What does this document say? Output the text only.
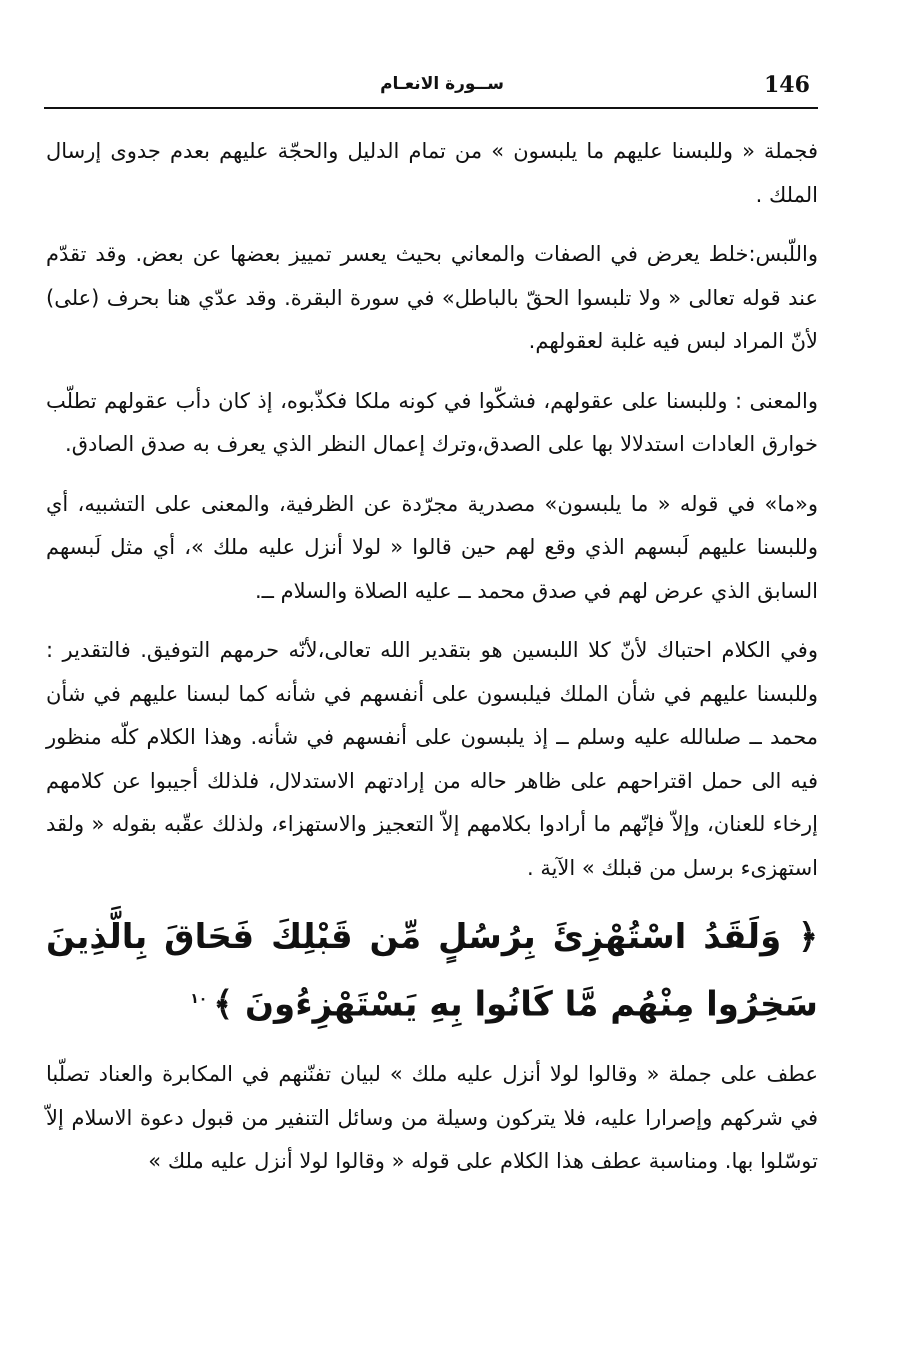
146
ســورة الانعـام

فجملة « وللبسنا عليهم ما يلبسون » من تمام الدليل والحجّة عليهم بعدم جدوى إرسال الملك .

واللّبس:خلط يعرض في الصفات والمعاني بحيث يعسر تمييز بعضها عن بعض. وقد تقدّم عند قوله تعالى « ولا تلبسوا الحقّ بالباطل» في سورة البقرة. وقد عدّي هنا بحرف (على) لأنّ المراد لبس فيه غلبة لعقولهم.

والمعنى : وللبسنا على عقولهم، فشكّوا في كونه ملكا فكذّبوه، إذ كان دأب عقولهم تطلّب خوارق العادات استدلالا بها على الصدق،وترك إعمال النظر الذي يعرف به صدق الصادق.

و«ما» في قوله « ما يلبسون» مصدرية مجرّدة عن الظرفية، والمعنى على التشبيه، أي وللبسنا عليهم لَبسهم الذي وقع لهم حين قالوا « لولا أنزل عليه ملك »، أي مثل لَبسهم السابق الذي عرض لهم في صدق محمد ــ عليه الصلاة والسلام ــ.

وفي الكلام احتباك لأنّ كلا اللبسين هو بتقدير الله تعالى،لأنّه حرمهم التوفيق. فالتقدير : وللبسنا عليهم في شأن الملك فيلبسون على أنفسهم في شأنه كما لبسنا عليهم في شأن محمد ــ صلىالله عليه وسلم ــ إذ يلبسون على أنفسهم في شأنه. وهذا الكلام كلّه منظور فيه الى حمل اقتراحهم على ظاهر حاله من إرادتهم الاستدلال، فلذلك أجيبوا عن كلامهم إرخاء للعنان، وإلاّ فإنّهم ما أرادوا بكلامهم إلاّ التعجيز والاستهزاء، ولذلك عقّبه بقوله « ولقد استهزىء برسل من قبلك » الآية .

﴿ وَلَقَدُ اسْتُهْزِئَ بِرُسُلٍ مِّن قَبْلِكَ فَحَاقَ بِالَّذِينَ سَخِرُوا مِنْهُم مَّا كَانُوا بِهِ يَسْتَهْزِءُونَ ﴾$^{١٠}$

عطف على جملة « وقالوا لولا أنزل عليه ملك » لبيان تفنّنهم في المكابرة والعناد تصلّبا في شركهم وإصرارا عليه، فلا يتركون وسيلة من وسائل التنفير من قبول دعوة الاسلام إلاّ توسّلوا بها. ومناسبة عطف هذا الكلام على قوله « وقالوا لولا أنزل عليه ملك »
